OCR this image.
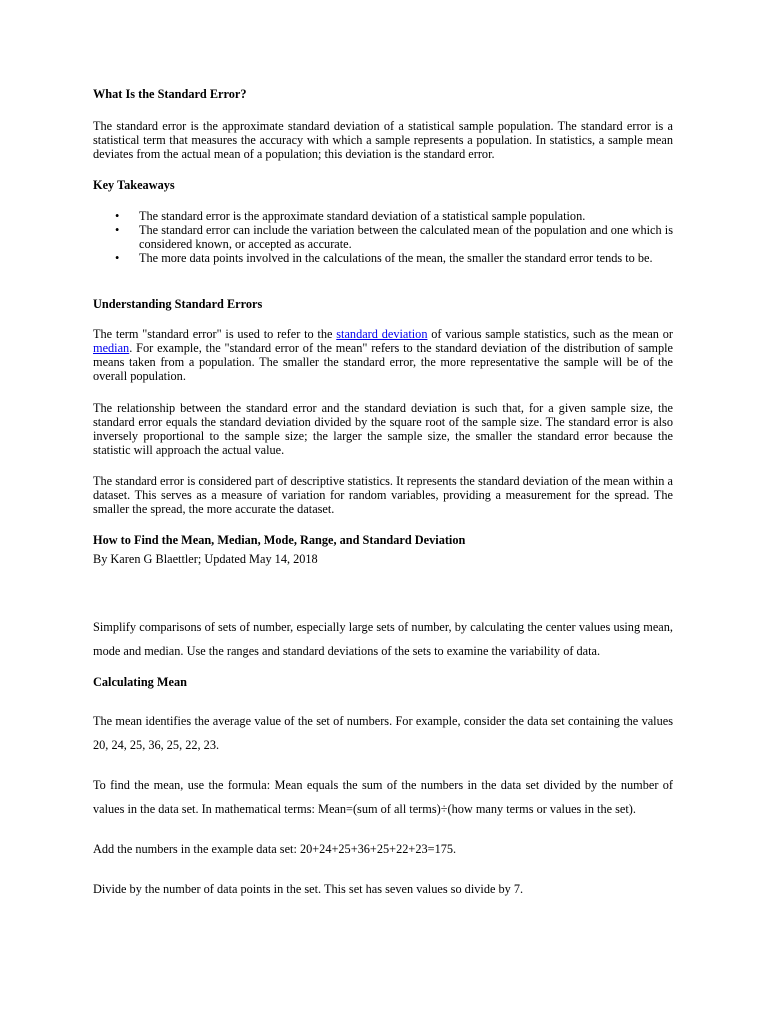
What Is the Standard Error?

The standard error is the approximate standard deviation of a statistical sample population. The standard error is a statistical term that measures the accuracy with which a sample represents a population. In statistics, a sample mean deviates from the actual mean of a population; this deviation is the standard error.

Key Takeaways
• The standard error is the approximate standard deviation of a statistical sample population.
• The standard error can include the variation between the calculated mean of the population and one which is considered known, or accepted as accurate.
• The more data points involved in the calculations of the mean, the smaller the standard error tends to be.
Understanding Standard Errors

The term "standard error" is used to refer to the standard deviation of various sample statistics, such as the mean or median. For example, the "standard error of the mean" refers to the standard deviation of the distribution of sample means taken from a population. The smaller the standard error, the more representative the sample will be of the overall population.

The relationship between the standard error and the standard deviation is such that, for a given sample size, the standard error equals the standard deviation divided by the square root of the sample size. The standard error is also inversely proportional to the sample size; the larger the sample size, the smaller the standard error because the statistic will approach the actual value.

The standard error is considered part of descriptive statistics. It represents the standard deviation of the mean within a dataset. This serves as a measure of variation for random variables, providing a measurement for the spread. The smaller the spread, the more accurate the dataset.

How to Find the Mean, Median, Mode, Range, and Standard Deviation
By Karen G Blaettler; Updated May 14, 2018

Simplify comparisons of sets of number, especially large sets of number, by calculating the center values using mean, mode and median. Use the ranges and standard deviations of the sets to examine the variability of data.

Calculating Mean

The mean identifies the average value of the set of numbers. For example, consider the data set containing the values 20, 24, 25, 36, 25, 22, 23.

To find the mean, use the formula: Mean equals the sum of the numbers in the data set divided by the number of values in the data set. In mathematical terms: Mean=(sum of all terms)÷(how many terms or values in the set).

Add the numbers in the example data set: 20+24+25+36+25+22+23=175.

Divide by the number of data points in the set. This set has seven values so divide by 7.
